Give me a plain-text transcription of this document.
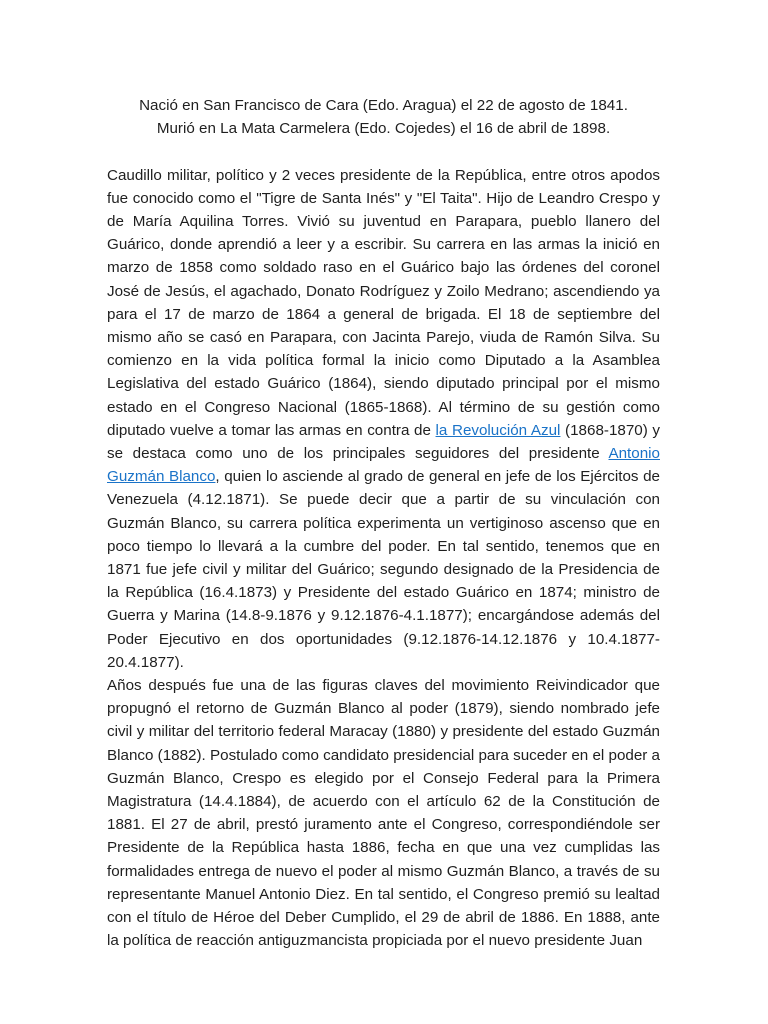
Nació en San Francisco de Cara (Edo. Aragua) el 22 de agosto de 1841.

Murió en La Mata Carmelera (Edo. Cojedes) el 16 de abril de 1898.

Caudillo militar, político y 2 veces presidente de la República, entre otros apodos fue conocido como el "Tigre de Santa Inés" y "El Taita". Hijo de Leandro Crespo y de María Aquilina Torres. Vivió su juventud en Parapara, pueblo llanero del Guárico, donde aprendió a leer y a escribir. Su carrera en las armas la inició en marzo de 1858 como soldado raso en el Guárico bajo las órdenes del coronel José de Jesús, el agachado, Donato Rodríguez y Zoilo Medrano; ascendiendo ya para el 17 de marzo de 1864 a general de brigada. El 18 de septiembre del mismo año se casó en Parapara, con Jacinta Parejo, viuda de Ramón Silva. Su comienzo en la vida política formal la inicio como Diputado a la Asamblea Legislativa del estado Guárico (1864), siendo diputado principal por el mismo estado en el Congreso Nacional (1865-1868). Al término de su gestión como diputado vuelve a tomar las armas en contra de la Revolución Azul (1868-1870) y se destaca como uno de los principales seguidores del presidente Antonio Guzmán Blanco, quien lo asciende al grado de general en jefe de los Ejércitos de Venezuela (4.12.1871). Se puede decir que a partir de su vinculación con Guzmán Blanco, su carrera política experimenta un vertiginoso ascenso que en poco tiempo lo llevará a la cumbre del poder. En tal sentido, tenemos que en 1871 fue jefe civil y militar del Guárico; segundo designado de la Presidencia de la República (16.4.1873) y Presidente del estado Guárico en 1874; ministro de Guerra y Marina (14.8-9.1876 y 9.12.1876-4.1.1877); encargándose además del Poder Ejecutivo en dos oportunidades (9.12.1876-14.12.1876 y 10.4.1877-20.4.1877).

Años después fue una de las figuras claves del movimiento Reivindicador que propugnó el retorno de Guzmán Blanco al poder (1879), siendo nombrado jefe civil y militar del territorio federal Maracay (1880) y presidente del estado Guzmán Blanco (1882). Postulado como candidato presidencial para suceder en el poder a Guzmán Blanco, Crespo es elegido por el Consejo Federal para la Primera Magistratura (14.4.1884), de acuerdo con el artículo 62 de la Constitución de 1881. El 27 de abril, prestó juramento ante el Congreso, correspondiéndole ser Presidente de la República hasta 1886, fecha en que una vez cumplidas las formalidades entrega de nuevo el poder al mismo Guzmán Blanco, a través de su representante Manuel Antonio Diez. En tal sentido, el Congreso premió su lealtad con el título de Héroe del Deber Cumplido, el 29 de abril de 1886. En 1888, ante la política de reacción antiguzmancista propiciada por el nuevo presidente Juan
